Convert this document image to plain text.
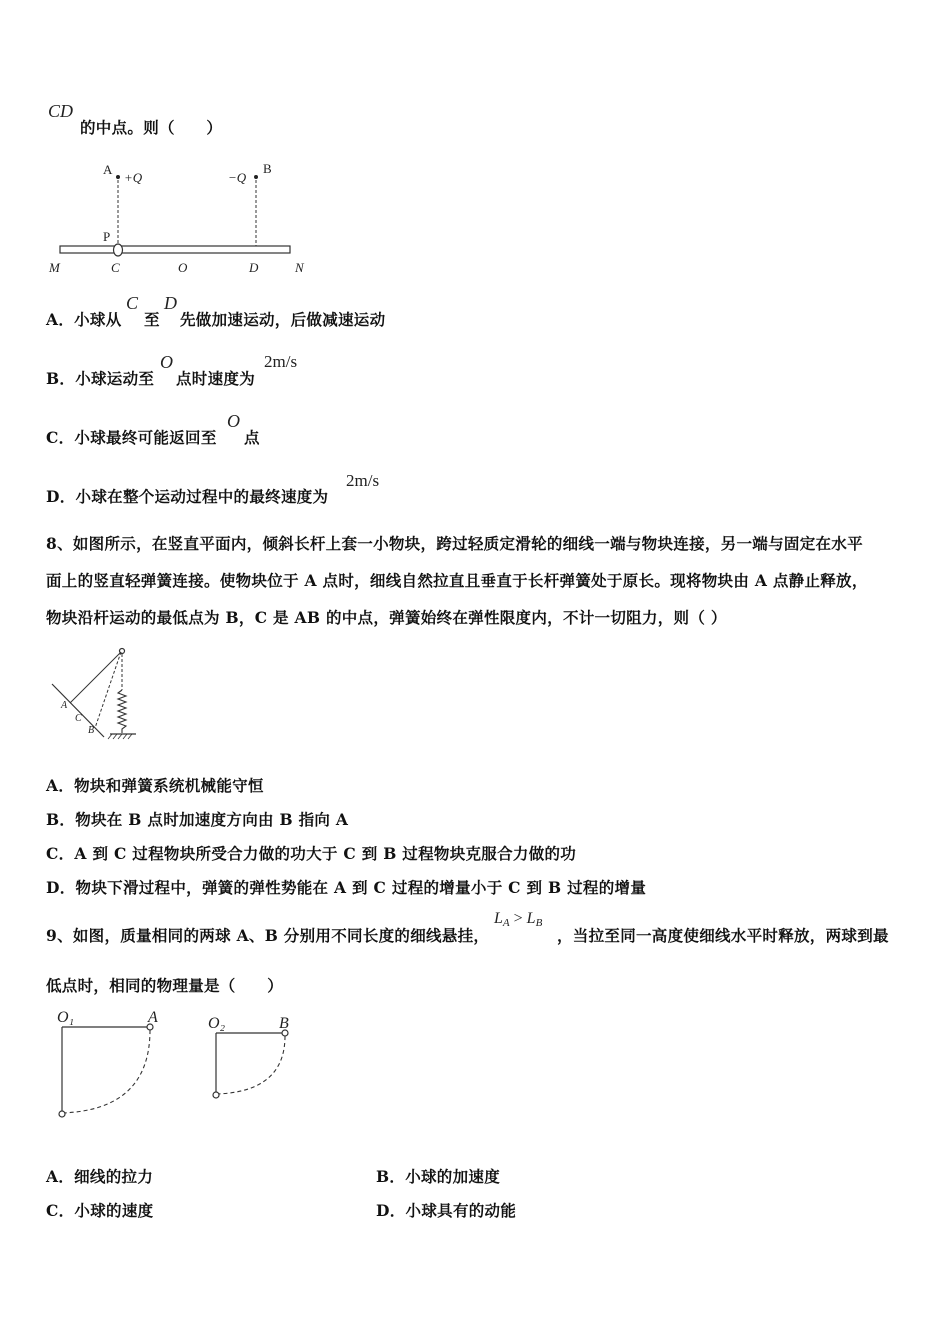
CD
的中点。则（　　）
A
+Q
B
−Q
P
M	C	O	D	N
A．小球从
C
至
D
先做加速运动，后做减速运动
B．小球运动至
O
点时速度为
2m/s
C．小球最终可能返回至
O
点
D．小球在整个运动过程中的最终速度为
2m/s
8、如图所示，在竖直平面内，倾斜长杆上套一小物块，跨过轻质定滑轮的细线一端与物块连接，另一端与固定在水平
面上的竖直轻弹簧连接。使物块位于 A 点时，细线自然拉直且垂直于长杆弹簧处于原长。现将物块由 A 点静止释放，
物块沿杆运动的最低点为 B，C 是 AB 的中点，弹簧始终在弹性限度内，不计一切阻力，则（ ）
A
C
B
A．物块和弹簧系统机械能守恒
B．物块在 B 点时加速度方向由 B 指向 A
C．A 到 C 过程物块所受合力做的功大于 C 到 B 过程物块克服合力做的功
D．物块下滑过程中，弹簧的弹性势能在 A 到 C 过程的增量小于 C 到 B 过程的增量
9、如图，质量相同的两球 A、B 分别用不同长度的细线悬挂，
$L_A > L_B$
，当拉至同一高度使细线水平时释放，两球到最
低点时，相同的物理量是（　　）
O₁	A	O₂	B
A．细线的拉力	B．小球的加速度
C．小球的速度	D．小球具有的动能
